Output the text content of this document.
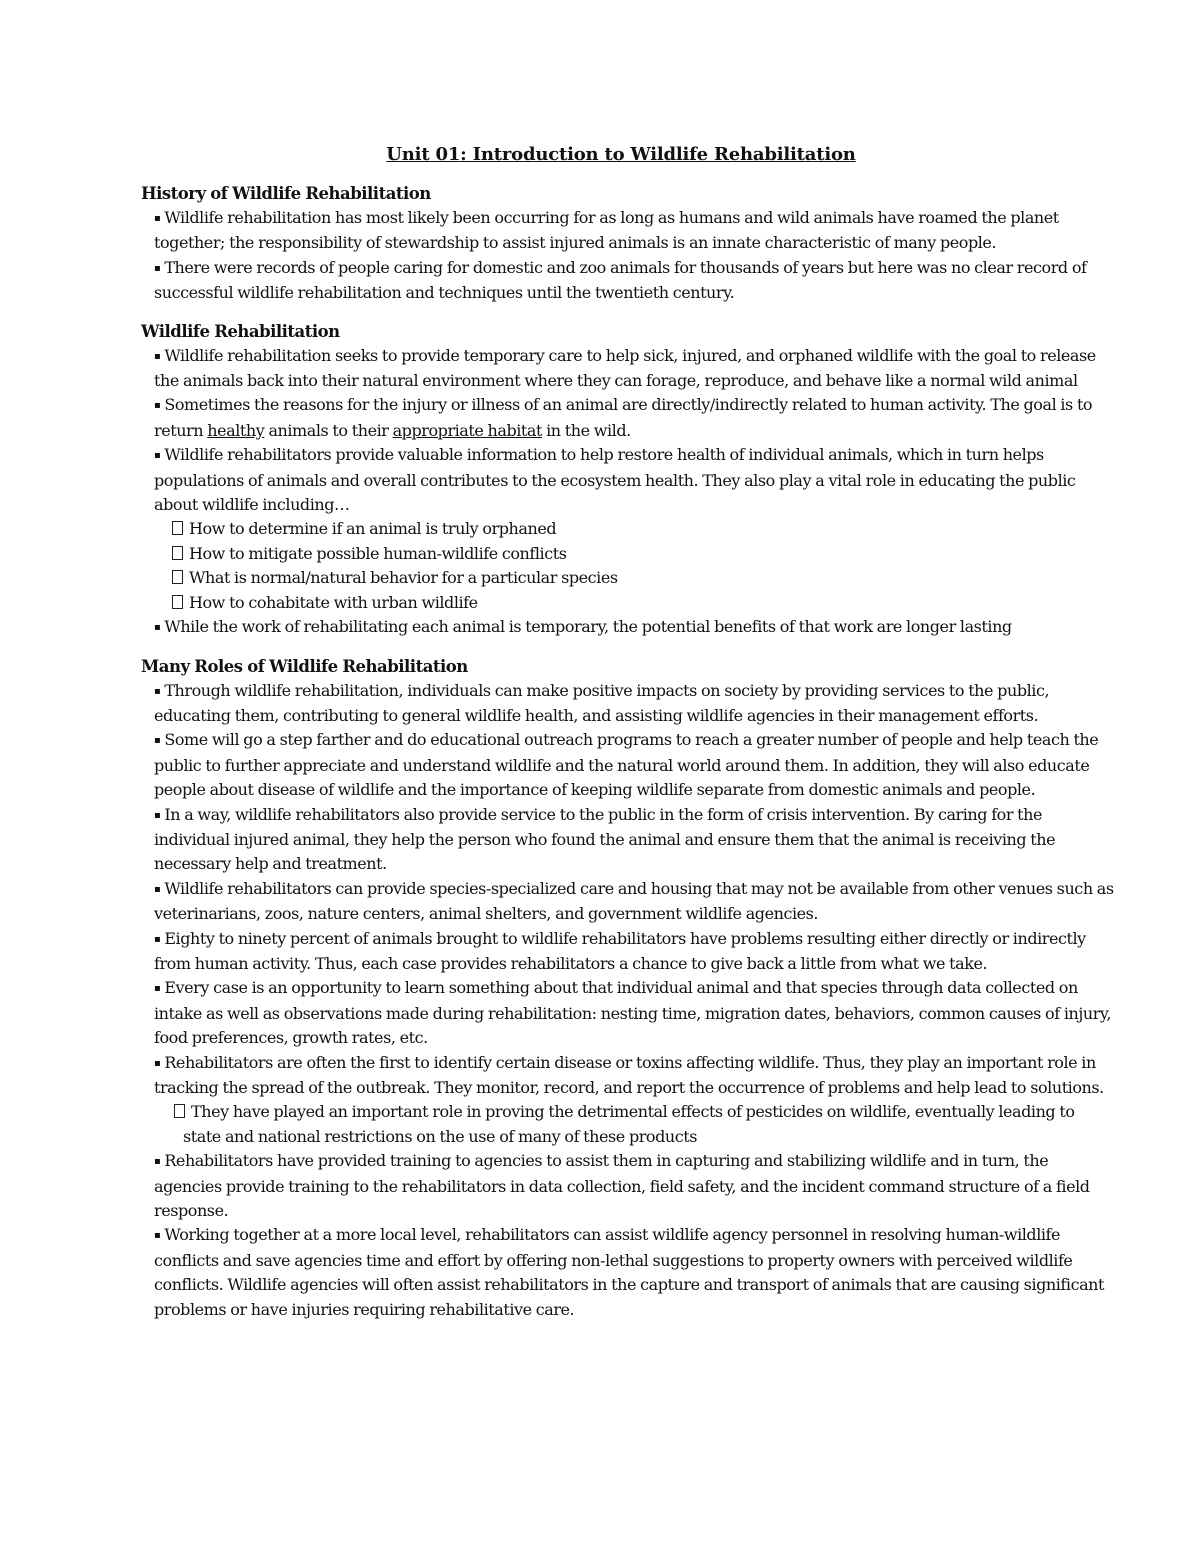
Unit 01: Introduction to Wildlife Rehabilitation
History of Wildlife Rehabilitation
▪ Wildlife rehabilitation has most likely been occurring for as long as humans and wild animals have roamed the planet together; the responsibility of stewardship to assist injured animals is an innate characteristic of many people.
▪ There were records of people caring for domestic and zoo animals for thousands of years but here was no clear record of successful wildlife rehabilitation and techniques until the twentieth century.
Wildlife Rehabilitation
▪ Wildlife rehabilitation seeks to provide temporary care to help sick, injured, and orphaned wildlife with the goal to release the animals back into their natural environment where they can forage, reproduce, and behave like a normal wild animal
▪ Sometimes the reasons for the injury or illness of an animal are directly/indirectly related to human activity. The goal is to return healthy animals to their appropriate habitat in the wild.
▪ Wildlife rehabilitators provide valuable information to help restore health of individual animals, which in turn helps populations of animals and overall contributes to the ecosystem health. They also play a vital role in educating the public about wildlife including…
How to determine if an animal is truly orphaned
How to mitigate possible human-wildlife conflicts
What is normal/natural behavior for a particular species
How to cohabitate with urban wildlife
▪ While the work of rehabilitating each animal is temporary, the potential benefits of that work are longer lasting
Many Roles of Wildlife Rehabilitation
▪ Through wildlife rehabilitation, individuals can make positive impacts on society by providing services to the public, educating them, contributing to general wildlife health, and assisting wildlife agencies in their management efforts.
▪ Some will go a step farther and do educational outreach programs to reach a greater number of people and help teach the public to further appreciate and understand wildlife and the natural world around them. In addition, they will also educate people about disease of wildlife and the importance of keeping wildlife separate from domestic animals and people.
▪ In a way, wildlife rehabilitators also provide service to the public in the form of crisis intervention. By caring for the individual injured animal, they help the person who found the animal and ensure them that the animal is receiving the necessary help and treatment.
▪ Wildlife rehabilitators can provide species-specialized care and housing that may not be available from other venues such as veterinarians, zoos, nature centers, animal shelters, and government wildlife agencies.
▪ Eighty to ninety percent of animals brought to wildlife rehabilitators have problems resulting either directly or indirectly from human activity. Thus, each case provides rehabilitators a chance to give back a little from what we take.
▪ Every case is an opportunity to learn something about that individual animal and that species through data collected on intake as well as observations made during rehabilitation: nesting time, migration dates, behaviors, common causes of injury, food preferences, growth rates, etc.
▪ Rehabilitators are often the first to identify certain disease or toxins affecting wildlife. Thus, they play an important role in tracking the spread of the outbreak. They monitor, record, and report the occurrence of problems and help lead to solutions.
They have played an important role in proving the detrimental effects of pesticides on wildlife, eventually leading to

state and national restrictions on the use of many of these products

▪ Rehabilitators have provided training to agencies to assist them in capturing and stabilizing wildlife and in turn, the agencies provide training to the rehabilitators in data collection, field safety, and the incident command structure of a field response.
▪ Working together at a more local level, rehabilitators can assist wildlife agency personnel in resolving human-wildlife conflicts and save agencies time and effort by offering non-lethal suggestions to property owners with perceived wildlife conflicts. Wildlife agencies will often assist rehabilitators in the capture and transport of animals that are causing significant problems or have injuries requiring rehabilitative care.
